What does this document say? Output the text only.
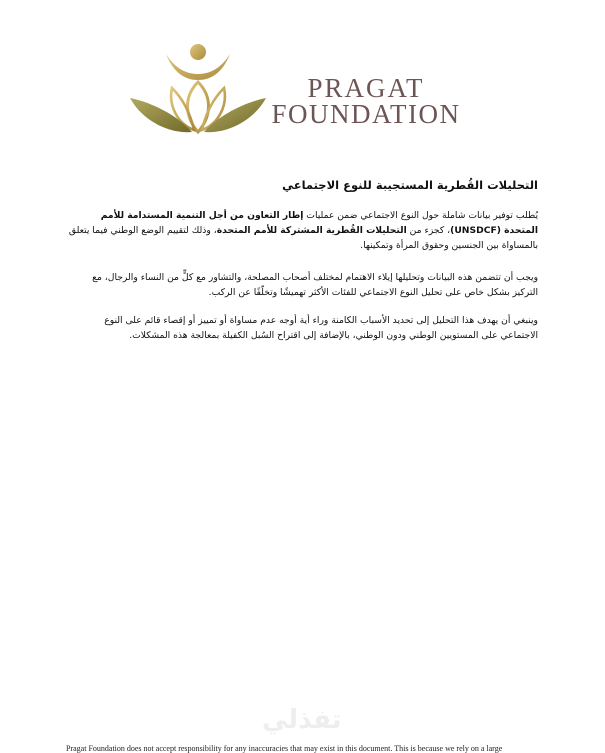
PRAGAT
FOUNDATION
التحليلات القُطرية المستجيبة للنوع الاجتماعي

يُطلب توفير بيانات شاملة حول النوع الاجتماعي ضمن عمليات إطار التعاون من أجل التنمية المستدامة للأمم المتحدة (UNSDCF)، كجزء من التحليلات القُطرية المشتركة للأمم المتحدة، وذلك لتقييم الوضع الوطني فيما يتعلق بالمساواة بين الجنسين وحقوق المرأة وتمكينها.

ويجب أن تتضمن هذه البيانات وتحليلها إيلاء الاهتمام لمختلف أصحاب المصلحة، والتشاور مع كلٍّ من النساء والرجال، مع التركيز بشكل خاص على تحليل النوع الاجتماعي للفئات الأكثر تهميشًا وتخلّفًا عن الركب.

وينبغي أن يهدف هذا التحليل إلى تحديد الأسباب الكامنة وراء أية أوجه عدم مساواة أو تمييز أو إقصاء قائم على النوع الاجتماعي على المستويين الوطني ودون الوطني، بالإضافة إلى اقتراح السُبل الكفيلة بمعالجة هذه المشكلات.

تفذلي
Pragat Foundation does not accept responsibility for any inaccuracies that may exist in this document. This is because we rely on a large
